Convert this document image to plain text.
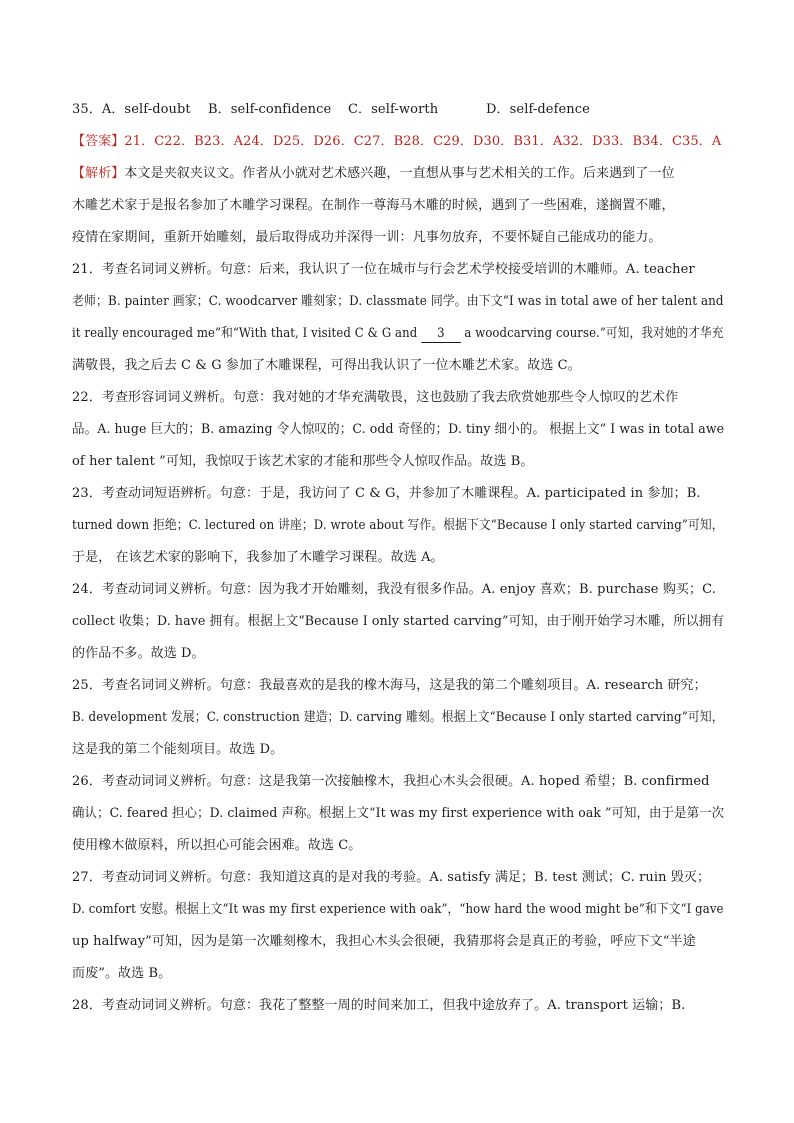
35．A．self-doubt B．self-confidence C．self-worth	D．self-defence
【答案】21．C22．B23．A24．D25．D26．C27．B28．C29．D30．B31．A32．D33．B34．C35．A
【解析】本文是夹叙夹议文。作者从小就对艺术感兴趣，一直想从事与艺术相关的工作。后来遇到了一位
木雕艺术家于是报名参加了木雕学习课程。在制作一尊海马木雕的时候，遇到了一些困难，遂搁置不雕，
疫情在家期间，重新开始雕刻，最后取得成功并深得一训：凡事勿放弃，不要怀疑自己能成功的能力。
21．考查名词词义辨析。句意：后来，我认识了一位在城市与行会艺术学校接受培训的木雕师。A. teacher
老师；B. painter 画家；C. woodcarver 雕刻家；D. classmate 同学。由下文“I was in total awe of her talent and
it really encouraged me”和“With that, I visited C & G and 3 a woodcarving course.”可知，我对她的才华充
满敬畏，我之后去 C & G 参加了木雕课程，可得出我认识了一位木雕艺术家。故选 C。
22．考查形容词词义辨析。句意：我对她的才华充满敬畏，这也鼓励了我去欣赏她那些令人惊叹的艺术作
品。A. huge 巨大的；B. amazing 令人惊叹的；C. odd 奇怪的；D. tiny 细小的。 根据上文“ I was in total awe
of her talent ”可知，我惊叹于该艺术家的才能和那些令人惊叹作品。故选 B。
23．考查动词短语辨析。句意：于是，我访问了 C & G，并参加了木雕课程。A. participated in 参加；B.
turned down 拒绝；C. lectured on 讲座；D. wrote about 写作。根据下文“Because I only started carving”可知，
于是， 在该艺术家的影响下，我参加了木雕学习课程。故选 A。
24．考查动词词义辨析。句意：因为我才开始雕刻，我没有很多作品。A. enjoy 喜欢；B. purchase 购买；C.
collect 收集；D. have 拥有。根据上文“Because I only started carving”可知，由于刚开始学习木雕，所以拥有
的作品不多。故选 D。
25．考查名词词义辨析。句意：我最喜欢的是我的橡木海马，这是我的第二个雕刻项目。A. research 研究；
B. development 发展；C. construction 建造；D. carving 雕刻。根据上文“Because I only started carving”可知，
这是我的第二个能刻项目。故选 D。
26．考查动词词义辨析。句意：这是我第一次接触橡木，我担心木头会很硬。A. hoped 希望；B. confirmed
确认；C. feared 担心；D. claimed 声称。根据上文“It was my first experience with oak ”可知，由于是第一次
使用橡木做原料，所以担心可能会困难。故选 C。
27．考查动词词义辨析。句意：我知道这真的是对我的考验。A. satisfy 满足；B. test 测试；C. ruin 毁灭；
D. comfort 安慰。根据上文“It was my first experience with oak”，“how hard the wood might be”和下文“I gave
up halfway”可知，因为是第一次雕刻橡木，我担心木头会很硬，我猜那将会是真正的考验，呼应下文“半途
而废”。故选 B。
28．考查动词词义辨析。句意：我花了整整一周的时间来加工，但我中途放弃了。A. transport 运输；B.
